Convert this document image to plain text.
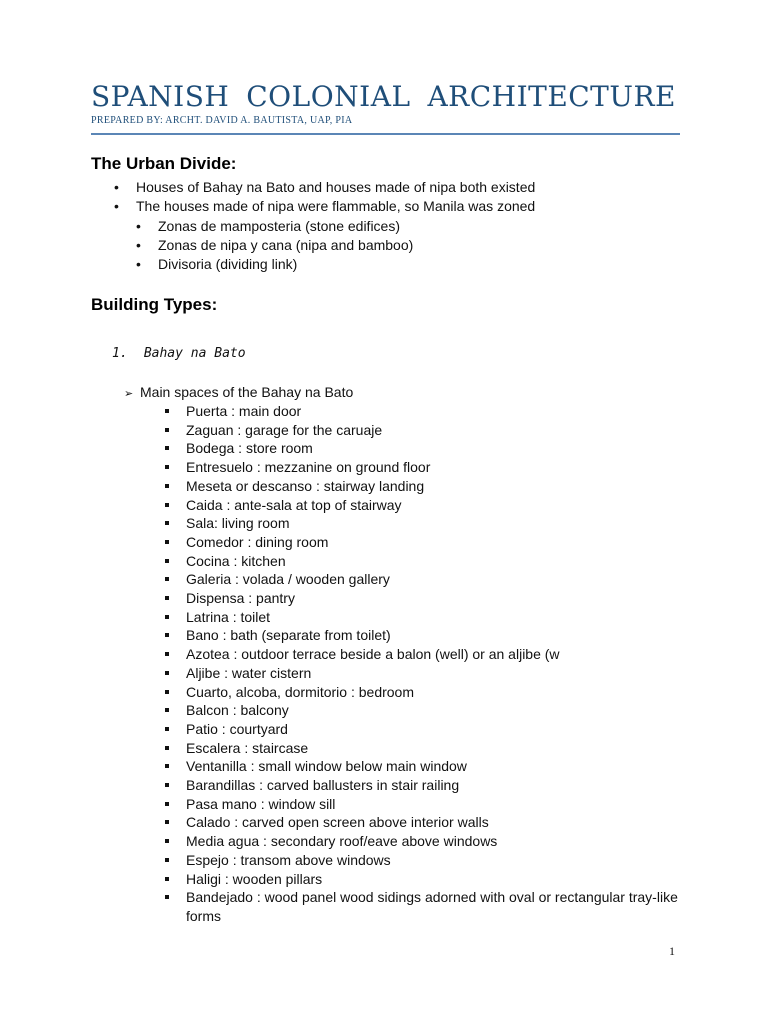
SPANISH COLONIAL ARCHITECTURE
PREPARED BY: ARCHT. DAVID A. BAUTISTA, UAP, PIA
The Urban Divide:
• Houses of Bahay na Bato and houses made of nipa both existed
• The houses made of nipa were flammable, so Manila was zoned
• Zonas de mamposteria (stone edifices)
• Zonas de nipa y cana (nipa and bamboo)
• Divisoria (dividing link)
Building Types:
1. Bahay na Bato
➢ Main spaces of the Bahay na Bato
Puerta : main door
Zaguan : garage for the caruaje
Bodega : store room
Entresuelo : mezzanine on ground floor
Meseta or descanso : stairway landing
Caida : ante-sala at top of stairway
Sala: living room
Comedor : dining room
Cocina : kitchen
Galeria : volada / wooden gallery
Dispensa : pantry
Latrina : toilet
Bano : bath (separate from toilet)
Azotea : outdoor terrace beside a balon (well) or an aljibe (w
Aljibe : water cistern
Cuarto, alcoba, dormitorio : bedroom
Balcon : balcony
Patio : courtyard
Escalera : staircase
Ventanilla : small window below main window
Barandillas : carved ballusters in stair railing
Pasa mano : window sill
Calado : carved open screen above interior walls
Media agua : secondary roof/eave above windows
Espejo : transom above windows
Haligi : wooden pillars
Bandejado : wood panel wood sidings adorned with oval or rectangular tray-like forms
1
